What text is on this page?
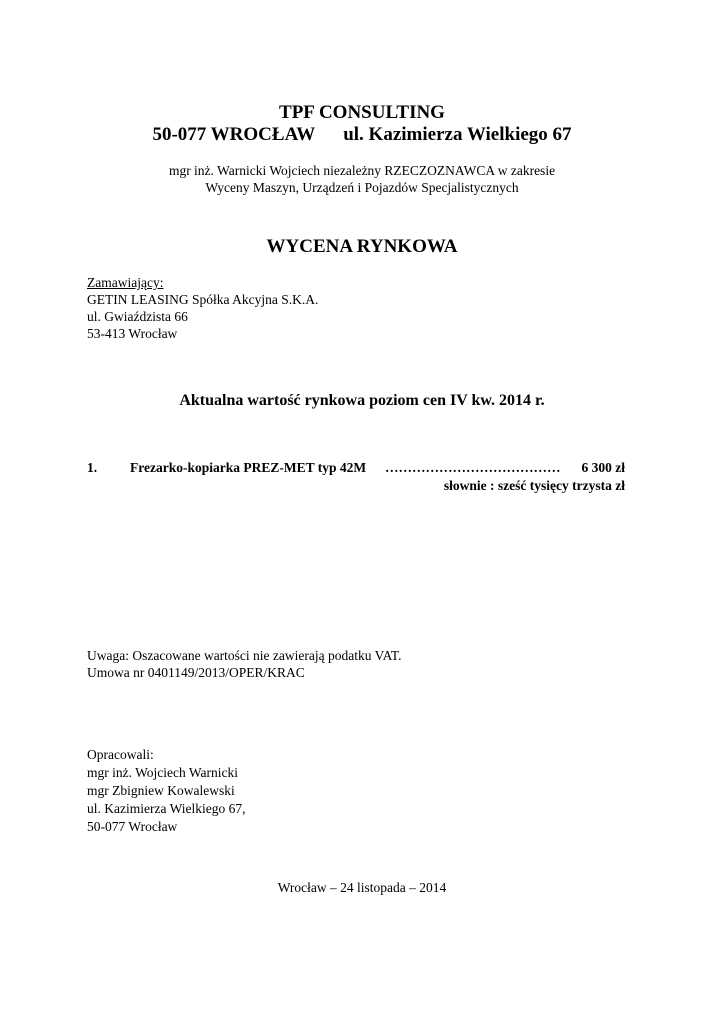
TPF CONSULTING
50-077 WROCŁAW ul. Kazimierza Wielkiego 67
mgr inż. Warnicki Wojciech niezależny RZECZOZNAWCA w zakresie
Wyceny Maszyn, Urządzeń i Pojazdów Specjalistycznych
WYCENA RYNKOWA
Zamawiający:
GETIN LEASING Spółka Akcyjna S.K.A.
ul. Gwiaździsta 66
53-413 Wrocław
Aktualna wartość rynkowa poziom cen IV kw. 2014 r.
1. Frezarko-kopiarka PREZ-MET typ 42M ………………………………… 6 300 zł
słownie : sześć tysięcy trzysta zł
Uwaga: Oszacowane wartości nie zawierają podatku VAT.
Umowa nr 0401149/2013/OPER/KRAC
Opracowali:
mgr inż. Wojciech Warnicki
mgr Zbigniew Kowalewski
ul. Kazimierza Wielkiego 67,
50-077 Wrocław
Wrocław – 24 listopada – 2014
